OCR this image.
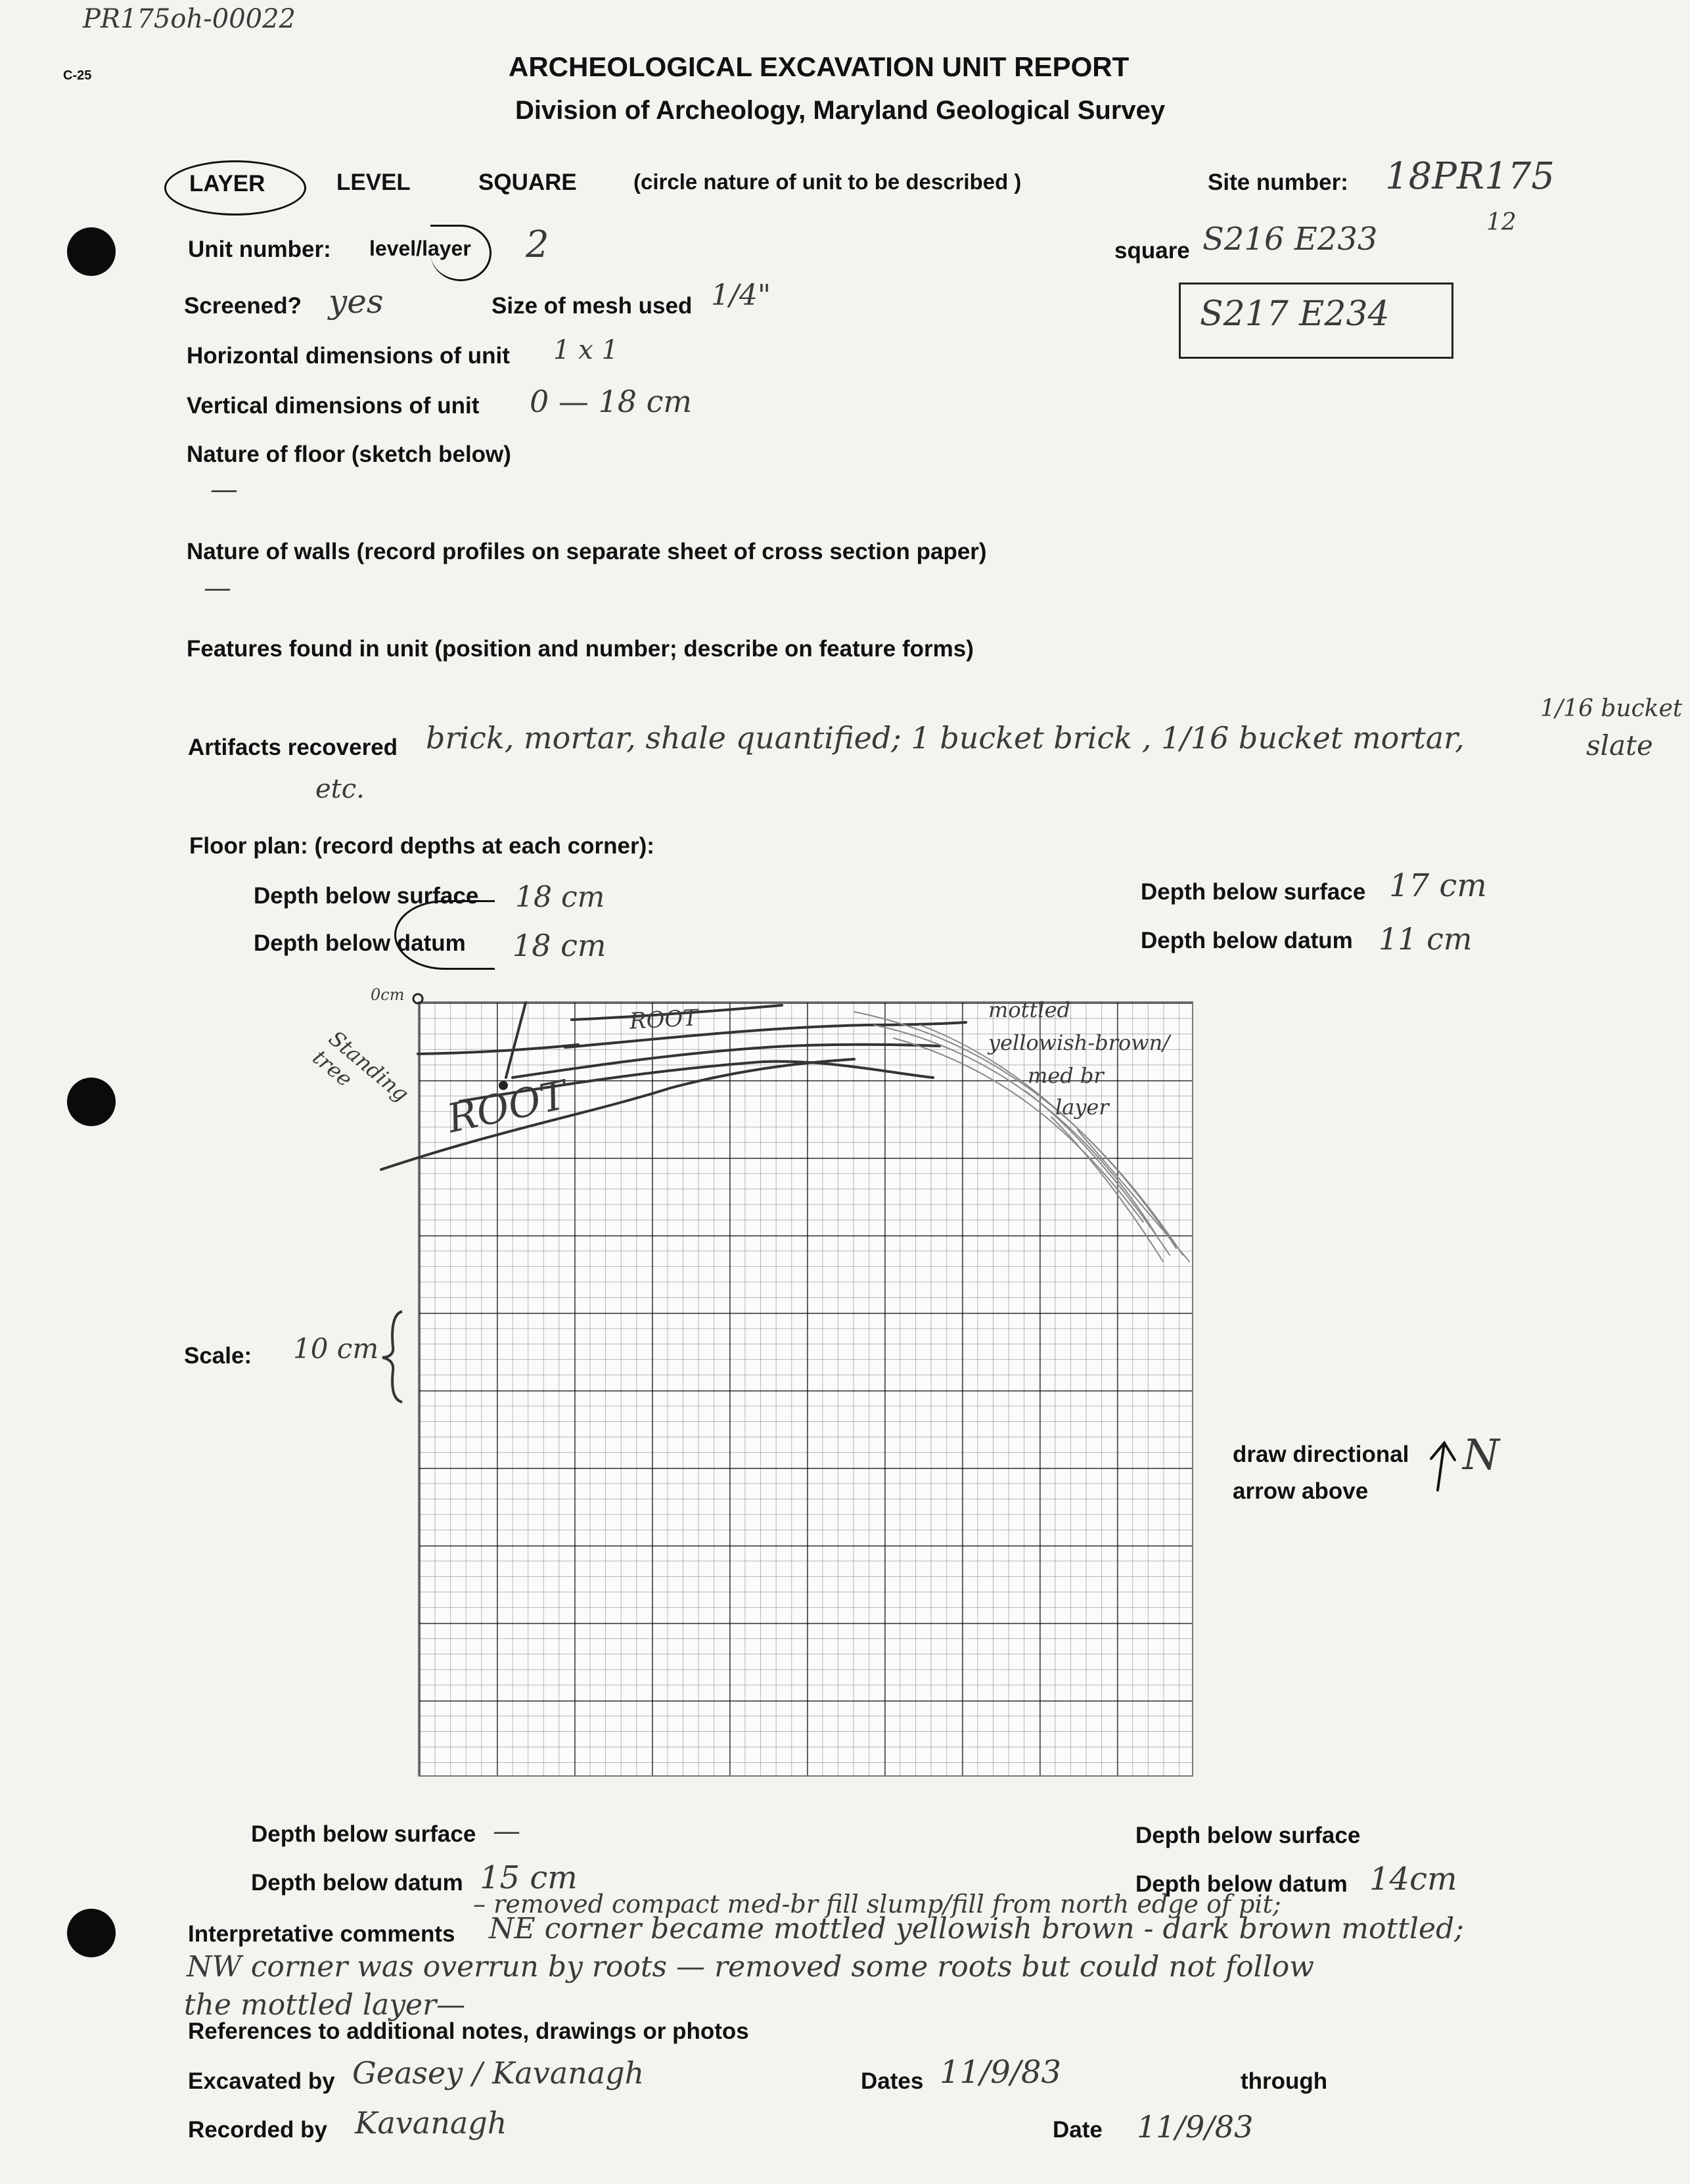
PR175oh-00022
C-25	ARCHEOLOGICAL EXCAVATION UNIT REPORT
Division of Archeology, Maryland Geological Survey
LAYER	LEVEL	SQUARE	(circle nature of unit to be described )	Site number: 18PR175
Unit number: level/layer 2	square S216 E233	12
S217 E234
Screened? yes	Size of mesh used 1/4"
Horizontal dimensions of unit 1 x 1
Vertical dimensions of unit 0 — 18 cm
Nature of floor (sketch below)
—
Nature of walls (record profiles on separate sheet of cross section paper)
—
Features found in unit (position and number; describe on feature forms)
Artifacts recovered brick, mortar, shale quantified; 1 bucket brick , 1/16 bucket mortar,
1/16 bucket
slate
etc.
Floor plan: (record depths at each corner):
Depth below surface 18 cm
Depth below datum 18 cm
Depth below surface 17 cm
Depth below datum 11 cm
0cm
ROOT
ROOT
Standing tree
mottled
yellowish-brown/
med br
layer
Scale: 10 cm
draw directional
arrow above
N
Depth below surface —
Depth below datum 15 cm
Depth below surface
Depth below datum 14cm
– removed compact med-br fill slump/fill from north edge of pit;
Interpretative comments NE corner became mottled yellowish brown - dark brown mottled;
NW corner was overrun by roots — removed some roots but could not follow
the mottled layer—
References to additional notes, drawings or photos
Excavated by Geasey / Kavanagh	Dates 11/9/83	through
Recorded by Kavanagh	Date 11/9/83
